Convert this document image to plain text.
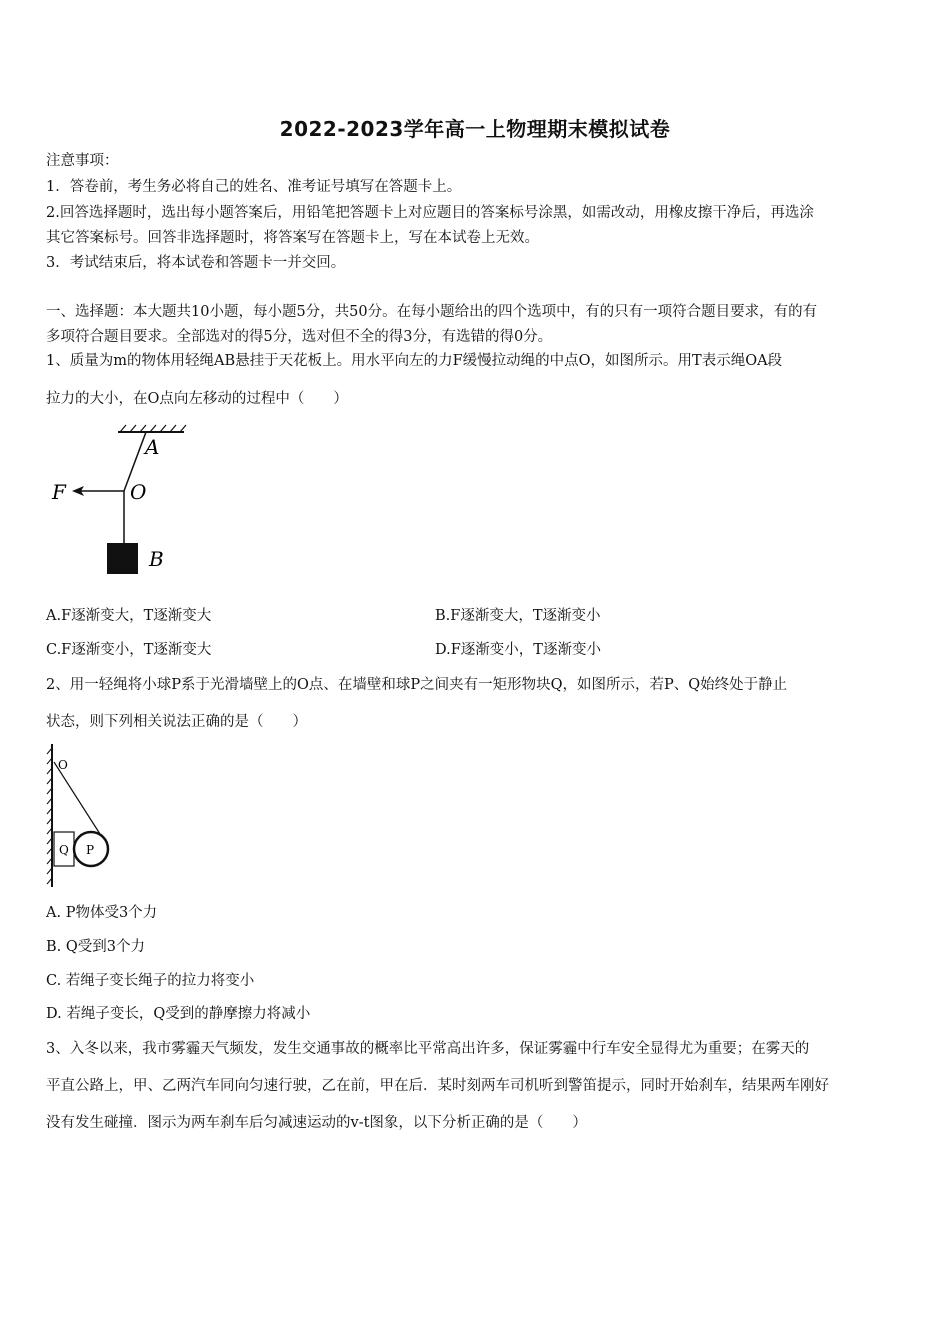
2022-2023学年高一上物理期末模拟试卷
注意事项：
1．答卷前，考生务必将自己的姓名、准考证号填写在答题卡上。
2.回答选择题时，选出每小题答案后，用铅笔把答题卡上对应题目的答案标号涂黑，如需改动，用橡皮擦干净后，再选涂
其它答案标号。回答非选择题时，将答案写在答题卡上，写在本试卷上无效。
3．考试结束后，将本试卷和答题卡一并交回。
一、选择题：本大题共10小题，每小题5分，共50分。在每小题给出的四个选项中，有的只有一项符合题目要求，有的有
多项符合题目要求。全部选对的得5分，选对但不全的得3分，有选错的得0分。
1、质量为m的物体用轻绳AB悬挂于天花板上。用水平向左的力F缓慢拉动绳的中点O，如图所示。用T表示绳OA段
拉力的大小，在O点向左移动的过程中（　　）
A
O
F
B
A.F逐渐变大，T逐渐变大	B.F逐渐变大，T逐渐变小
C.F逐渐变小，T逐渐变大	D.F逐渐变小，T逐渐变小
2、用一轻绳将小球P系于光滑墙壁上的O点、在墙壁和球P之间夹有一矩形物块Q，如图所示，若P、Q始终处于静止
状态，则下列相关说法正确的是（　　）
O
Q P
A. P物体受3个力
B. Q受到3个力
C. 若绳子变长绳子的拉力将变小
D. 若绳子变长，Q受到的静摩擦力将减小
3、入冬以来，我市雾霾天气频发，发生交通事故的概率比平常高出许多，保证雾霾中行车安全显得尤为重要；在雾天的
平直公路上，甲、乙两汽车同向匀速行驶，乙在前，甲在后．某时刻两车司机听到警笛提示，同时开始刹车，结果两车刚好
没有发生碰撞．图示为两车刹车后匀减速运动的v-t图象，以下分析正确的是（　　）
